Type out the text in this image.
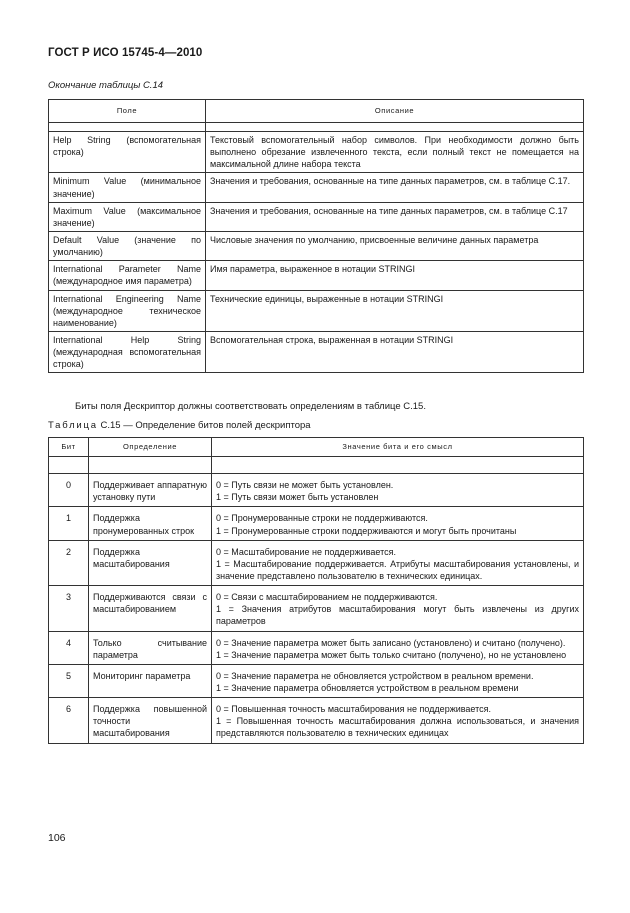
ГОСТ Р ИСО 15745-4—2010
Окончание таблицы С.14
Поле	Описание

Help String (вспомогательная строка)	Текстовый вспомогательный набор символов. При необходимости должно быть выполнено обрезание извлеченного текста, если полный текст не помещается на максимальной длине набора текста
Minimum Value (минимальное значение)	Значения и требования, основанные на типе данных параметров, см. в таблице С.17.
Maximum Value (максимальное значение)	Значения и требования, основанные на типе данных параметров, см. в таблице С.17
Default Value (значение по умолчанию)	Числовые значения по умолчанию, присвоенные величине данных параметра
International Parameter Name (международное имя параметра)	Имя параметра, выраженное в нотации STRINGI
International Engineering Name (международное техническое наименование)	Технические единицы, выраженные в нотации STRINGI
International Help String (международная вспомогательная строка)	Вспомогательная строка, выраженная в нотации STRINGI
Биты поля Дескриптор должны соответствовать определениям в таблице С.15.
Таблица С.15 — Определение битов полей дескриптора
Бит	Определение	Значение бита и его смысл

0	Поддерживает аппаратную установку пути	0 = Путь связи не может быть установлен.

1 = Путь связи может быть установлен

1	Поддержка пронумерованных строк	0 = Пронумерованные строки не поддерживаются.

1 = Пронумерованные строки поддерживаются и могут быть прочитаны

2	Поддержка масштабирования	0 = Масштабирование не поддерживается.

1 = Масштабирование поддерживается. Атрибуты масштабирования установлены, и значение представлено пользователю в технических единицах.

3	Поддерживаются связи с масштабированием	0 = Связи с масштабированием не поддерживаются.

1 = Значения атрибутов масштабирования могут быть извлечены из других параметров

4	Только считывание параметра	0 = Значение параметра может быть записано (установлено) и считано (получено).

1 = Значение параметра может быть только считано (получено), но не установлено

5	Мониторинг параметра	0 = Значение параметра не обновляется устройством в реальном времени.

1 = Значение параметра обновляется устройством в реальном времени

6	Поддержка повышенной точности масштабирования	0 = Повышенная точность масштабирования не поддерживается.

1 = Повышенная точность масштабирования должна использоваться, и значения представляются пользователю в технических единицах

106
